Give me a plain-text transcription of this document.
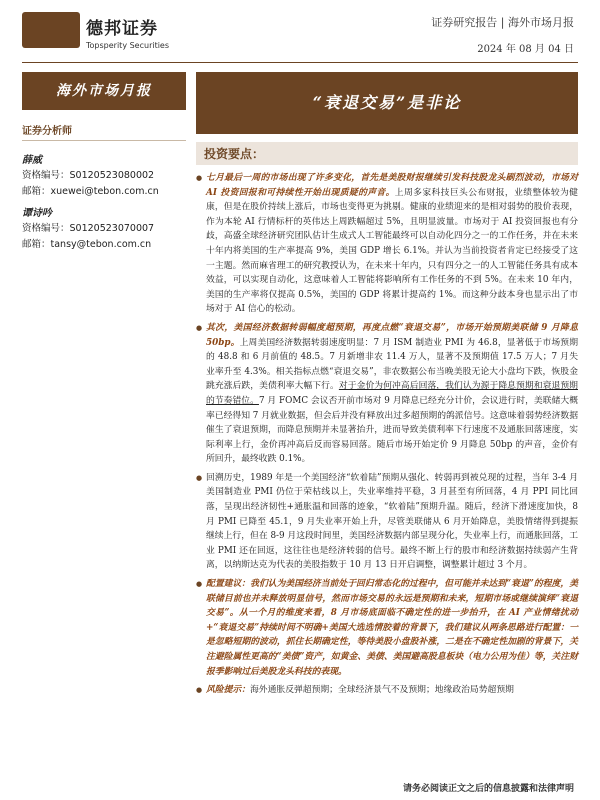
德邦证券
Topsperity Securities
证券研究报告 | 海外市场月报
2024 年 08 月 04 日
海外市场月报
“衰退交易”是非论
证券分析师
薛威
资格编号：S0120523080002
邮箱：xuewei@tebon.com.cn
谭诗吟
资格编号：S0120523070007
邮箱：tansy@tebon.com.cn
投资要点：
● 七月最后一周的市场出现了许多变化，首先是美股财报继续引发科技股龙头刷烈波动，市场对 AI 投资回报和可持续性开始出现质疑的声音。上周多家科技巨头公布财报，业绩整体较为健康，但是在股价持续上涨后，市场也变得更为挑剔。健康的业绩迎来的是相对弱势的股价表现，作为本轮 AI 行情标杆的英伟达上周跌幅超过 5%，且明显波量。市场对于 AI 投资回报也有分歧，高盛全球经济研究团队估计生成式人工智能最终可以自动化四分之一的工作任务，并在未来十年内将美国的生产率提高 9%，美国 GDP 增长 6.1%。并认为当前投资者肯定已经接受了这一主题。然而麻省理工的研究教授认为，在未来十年内，只有四分之一的人工智能任务具有成本效益，可以实现自动化，这意味着人工智能将影响所有工作任务的不到 5%。在未来 10 年内，美国的生产率将仅提高 0.5%，美国的 GDP 将累计提高约 1%。而这种分歧本身也显示出了市场对于 AI 信心的松动。
● 其次，美国经济数据转弱幅度超预期，再度点燃“衰退交易”，市场开始预期美联储 9 月降息 50bp。上周美国经济数据转弱速度明显：7 月 ISM 制造业 PMI 为 46.8，显著低于市场预期的 48.8 和 6 月前值的 48.5。7 月新增非农 11.4 万人，显著不及预期值 17.5 万人；7 月失业率升至 4.3%。相关指标点燃“衰退交易”，非农数据公布当晚美股无论大小盘均下跌，恢股金跳充涨后跌，美债利率大幅下行。对于金价为何冲高后回落，我们认为源于降息预期和衰退预期的节奏错位。7 月 FOMC 会议否开前市场对 9 月降息已经充分计价，会议进行时，美联储大概率已经得知 7 月就业数据，但会后并没有释放出过多超预期的鸽派信号。这意味着弱势经济数据催生了衰退预期，而降息预期并未显著抬升，进而导致美债利率下行速度不及通胀回落速度，实际利率上行，金价再冲高后反而容易回落。随后市场开始定价 9 月降息 50bp 的声音，金价有所回升，最终收跌 0.1%。
● 回溯历史，1989 年是一个美国经济“软着陆”预期从强化、转弱再到被兑现的过程，当年 3-4 月美国制造业 PMI 仍位于荣枯线以上，失业率维持平稳，3 月甚至有所回落，4 月 PPI 同比回落，呈现出经济韧性+通胀温和回落的迹象，“软着陆”预期升温。随后，经济下滑速度加快，8 月 PMI 已降至 45.1，9 月失业率开始上升，尽管美联储从 6 月开始降息，美股情绪得到提振继续上行，但在 8-9 月这段时间里，美国经济数据内部呈现分化，失业率上行，而通胀回落，工业 PMI 还在回返，这往往也是经济转弱的信号。最终不断上行的股市和经济数据持续弱产生背离，以纳斯达克为代表的美股指数于 10 月 13 日开启调整，调整累计超过 3 个月。
● 配置建议：我们认为美国经济当前处于回归常态化的过程中，但可能并未达到“衰退”的程度，美联储目前也并未释放明显信号，然而市场交易的永远是预期和未来，短期市场或继续演绎“衰退交易”。从一个月的维度来看，8 月市场底面临不确定性的进一步抬升，在 AI 产业情绪扰动+“衰退交易”持续时间不明确+美国大选选情胶着的背景下，我们建议从两条思路进行配置：一是忽略短期的波动，抓住长期确定性，等待美股小盘股补涨，二是在不确定性加剧的背景下，关注避险属性更高的“美债”资产，如黄金、美债、美国避高股息板块（电力公用为佳）等，关注财报季影响过后美股龙头科技的表现。
● 风险提示：海外通胀反弹超预期；全球经济景气不及预期；地缘政治局势超预期
请务必阅读正文之后的信息披露和法律声明
